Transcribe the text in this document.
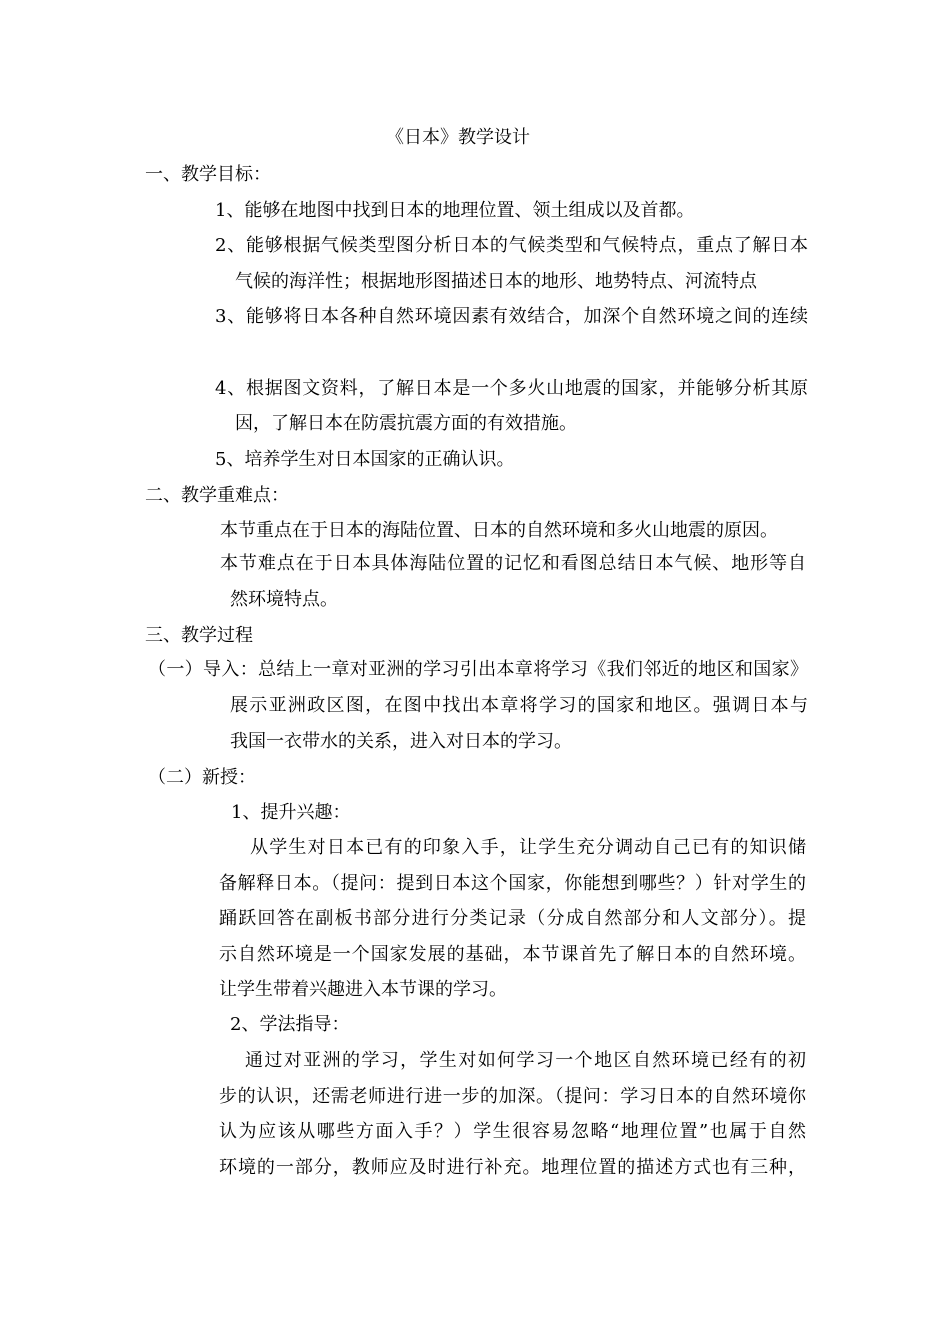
《日本》教学设计
一、教学目标：
1、能够在地图中找到日本的地理位置、领土组成以及首都。
2、能够根据气候类型图分析日本的气候类型和气候特点，重点了解日本
气候的海洋性；根据地形图描述日本的地形、地势特点、河流特点
3、能够将日本各种自然环境因素有效结合，加深个自然环境之间的连续
4、根据图文资料，了解日本是一个多火山地震的国家，并能够分析其原
因，了解日本在防震抗震方面的有效措施。
5、培养学生对日本国家的正确认识。
二、教学重难点：
本节重点在于日本的海陆位置、日本的自然环境和多火山地震的原因。
本节难点在于日本具体海陆位置的记忆和看图总结日本气候、地形等自
然环境特点。
三、教学过程
（一）导入：总结上一章对亚洲的学习引出本章将学习《我们邻近的地区和国家》
展示亚洲政区图，在图中找出本章将学习的国家和地区。强调日本与
我国一衣带水的关系，进入对日本的学习。
（二）新授：
1、提升兴趣：
从学生对日本已有的印象入手，让学生充分调动自己已有的知识储
备解释日本。（提问：提到日本这个国家，你能想到哪些？）针对学生的
踊跃回答在副板书部分进行分类记录（分成自然部分和人文部分）。提
示自然环境是一个国家发展的基础，本节课首先了解日本的自然环境。
让学生带着兴趣进入本节课的学习。
2、学法指导：
通过对亚洲的学习，学生对如何学习一个地区自然环境已经有的初
步的认识，还需老师进行进一步的加深。（提问：学习日本的自然环境你
认为应该从哪些方面入手？）学生很容易忽略“地理位置”也属于自然
环境的一部分，教师应及时进行补充。地理位置的描述方式也有三种，
